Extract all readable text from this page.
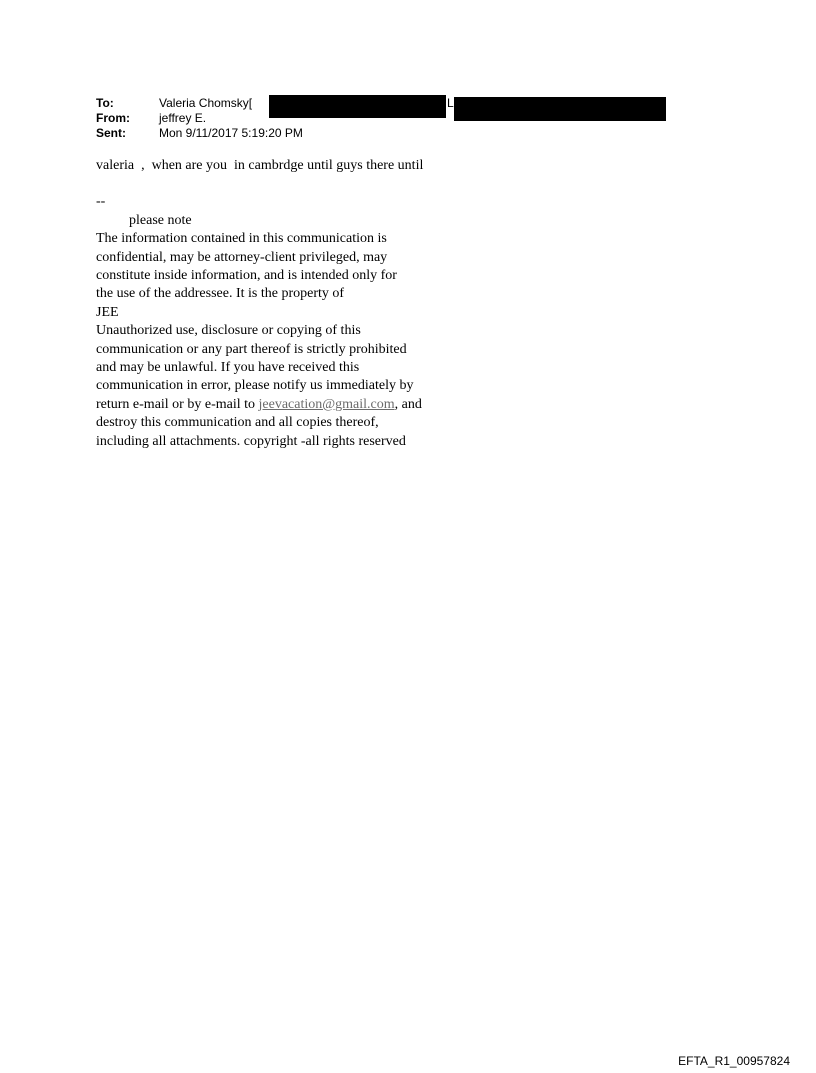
To:	Valeria Chomsky[
From: jeffrey E.
Sent:	Mon 9/11/2017 5:19:20 PM
L

valeria  ,  when are you  in cambrdge until guys there until

--

please note

The information contained in this communication is

confidential, may be attorney-client privileged, may

constitute inside information, and is intended only for

the use of the addressee. It is the property of

JEE

Unauthorized use, disclosure or copying of this

communication or any part thereof is strictly prohibited

and may be unlawful. If you have received this

communication in error, please notify us immediately by

return e-mail or by e-mail to jeevacation@gmail.com, and

destroy this communication and all copies thereof,

including all attachments. copyright -all rights reserved

EFTA_R1_00957824
